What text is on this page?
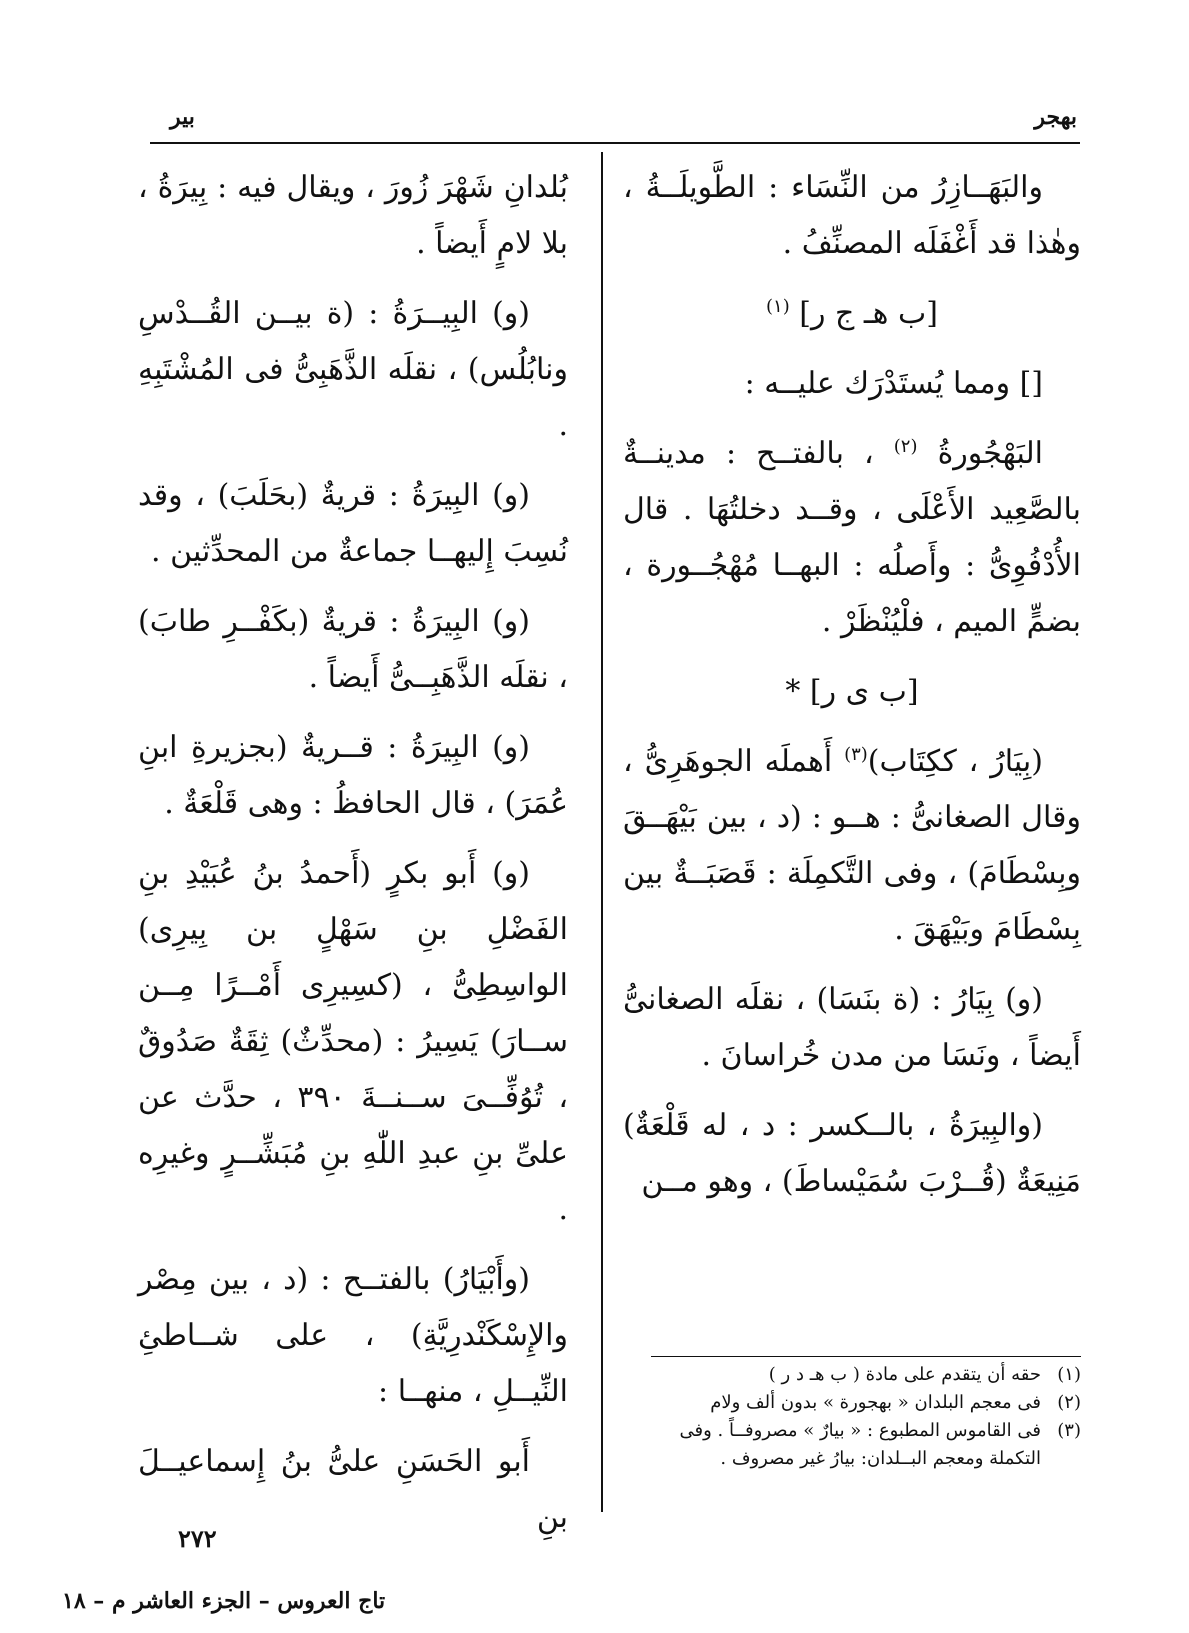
بهجر
بير

والبَهَــازِرُ من النِّسَاء : الطَّويلَــةُ ، وهٰذا قد أَغْفَلَه المصنِّفُ .

[ب هـ ج ر] $^{(١)}$

[] ومما يُستَدْرَك عليــه :

البَهْجُورةُ $^{(٢)}$ ، بالفتــح : مدينــةٌ بالصَّعِيد الأَعْلَى ، وقــد دخلتُهَا . قال الأُدْفُوِىُّ : وأَصلُه : البهــا مُهْجُــورة ، بضمٍّ الميم ، فلْيُنْظَرْ .

[ب ى ر] *

(بِيَارُ ، ككِتَاب)$^{(٣)}$ أَهملَه الجوهَرِىُّ ، وقال الصغانىُّ : هــو : (د ، بين بَيْهَــقَ وبِسْطَامَ) ، وفى التَّكمِلَة : قَصَبَــةٌ بين بِسْطَامَ وبَيْهَقَ .

(و) بِيَارُ : (ة بنَسَا) ، نقلَه الصغانىُّ أَيضاً ، ونَسَا من مدن خُراسانَ .

(والبِيرَةُ ، بالــكسر : د ، له قَلْعَةٌ) مَنِيعَةٌ (قُــرْبَ سُمَيْساطَ) ، وهو مــن

بُلدانِ شَهْرَ زُورَ ، ويقال فيه : بِيرَةُ ، بلا لامٍ أَيضاً .

(و) البِيــرَةُ : (ة بيــن القُــدْسِ ونابُلُس) ، نقلَه الذَّهَبِىُّ فى المُشْتَبِهِ .

(و) البِيرَةُ : قريةٌ (بحَلَبَ) ، وقد نُسِبَ إِليهــا جماعةٌ من المحدِّثين .

(و) البِيرَةُ : قريةٌ (بكَفْــرِ طابَ) ، نقلَه الذَّهَبِــىُّ أَيضاً .

(و) البِيرَةُ : قــريةٌ (بجزيرةِ ابنِ عُمَرَ) ، قال الحافظُ : وهى قَلْعَةٌ .

(و) أَبو بكرٍ (أَحمدُ بنُ عُبَيْدِ بنِ الفَضْلِ بنِ سَهْلٍ بن بِيرِى) الواسِطِىُّ ، (كسِيرِى أَمْــرًا مِــن ســارَ) يَسِيرُ : (محدِّثٌ) ثِقَةٌ صَدُوقٌ ، تُوُفِّــىَ ســنــةَ ٣٩٠ ، حدَّث عن علىِّ بنِ عبدِ اللّٰهِ بنِ مُبَشِّــرٍ وغيرِه .

(وأَبْيَارُ) بالفتــح : (د ، بين مِصْر والإِسْكَنْدرِيَّةِ) ، على شــاطئِ النِّيــلِ ، منهــا :

أَبو الحَسَنِ علىُّ بنُ إِسماعيــلَ بنِ

(١)
حقه أن يتقدم على مادة ( ب هـ د ر )
(٢)
فى معجم البلدان « بهجورة » بدون ألف ولام
(٣)
فى القاموس المطبوع : « بيارٌ » مصروفــاً . وفى التكملة ومعجم البــلدان: بيارُ غير مصروف .
٢٧٢
تاج العروس – الجزء العاشر م – ١٨
